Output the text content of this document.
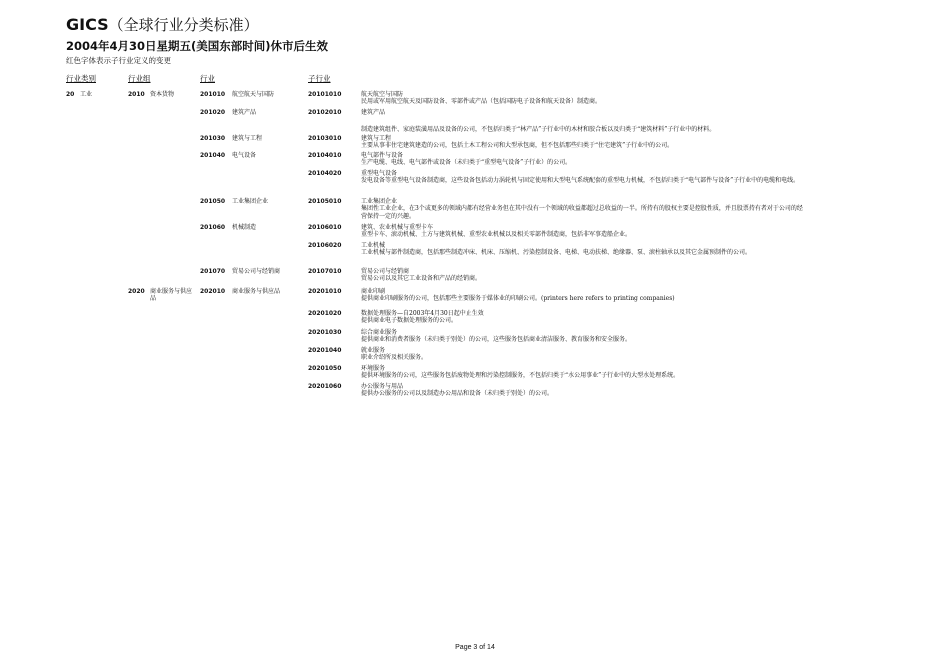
GICS（全球行业分类标准）
2004年4月30日星期五(美国东部时间)休市后生效
红色字体表示子行业定义的变更
行业类别	行业组	行业	子行业
20 工业	2010 资本货物	201010 航空航天与国防	20101010	航天航空与国防
民用或军用航空航天及国防设备、零部件或产品（包括国防电子设备和航天设备）制造商。
201020 建筑产品	20102010	建筑产品
制造建筑组件、家庭装潢用品及设备的公司，不包括归类于“林产品”子行业中的木材和胶合板以及归类于“建筑材料”子行业中的材料。
201030 建筑与工程	20103010	建筑与工程
主要从事非住宅建筑建造的公司，包括土木工程公司和大型承包商，但不包括那些归类于“住宅建筑”子行业中的公司。
201040 电气设备	20104010	电气部件与设备
生产电缆、电线、电气部件或设备（未归类于“重型电气设备”子行业）的公司。
20104020	重型电气设备
发电设备等重型电气设备制造商，这些设备包括动力涡轮机与固定使用和大型电气系统配套的重型电力机械，不包括归类于“电气部件与设备”子行业中的电缆和电线。
201050 工业集团企业	20105010	工业集团企业
集团性工业企业，在3个或更多的领域内都有经营业务但在其中没有一个领域的收益都超过总收益的一半。所持有的股权主要是控股性质，并且股票持有者对于公司的经营保持一定的兴趣。
201060 机械制造	20106010	建筑、农业机械与重型卡车
重型卡车、滚动机械、土方与建筑机械、重型农业机械以及相关零部件制造商，包括非军事造船企业。
20106020	工业机械
工业机械与部件制造商，包括那些制造冲床、机床、压缩机、污染控制设备、电梯、电动扶梯、绝缘器、泵、滚柱轴承以及其它金属预制件的公司。
201070 贸易公司与经销商	20107010	贸易公司与经销商
贸易公司以及其它工业设备和产品的经销商。
2020 商业服务与供应品
202010 商业服务与供应品	20201010	商业印刷
提供商业印刷服务的公司，包括那些主要服务于媒体业的印刷公司。(printers here refers to printing companies)
20201020	数据处理服务—自2003年4月30日起中止生效
提供商业电子数据处理服务的公司。
20201030	综合商业服务
提供商业和消费者服务（未归类于别处）的公司，这些服务包括商业清洁服务、教育服务和安全服务。
20201040	就业服务
职业介绍所及相关服务。
20201050	环境服务
提供环境服务的公司，这些服务包括废物处理和污染控制服务，不包括归类于“水公用事业”子行业中的大型水处理系统。
20201060	办公服务与用品
提供办公服务的公司以及制造办公用品和设备（未归类于别处）的公司。
Page 3 of 14
